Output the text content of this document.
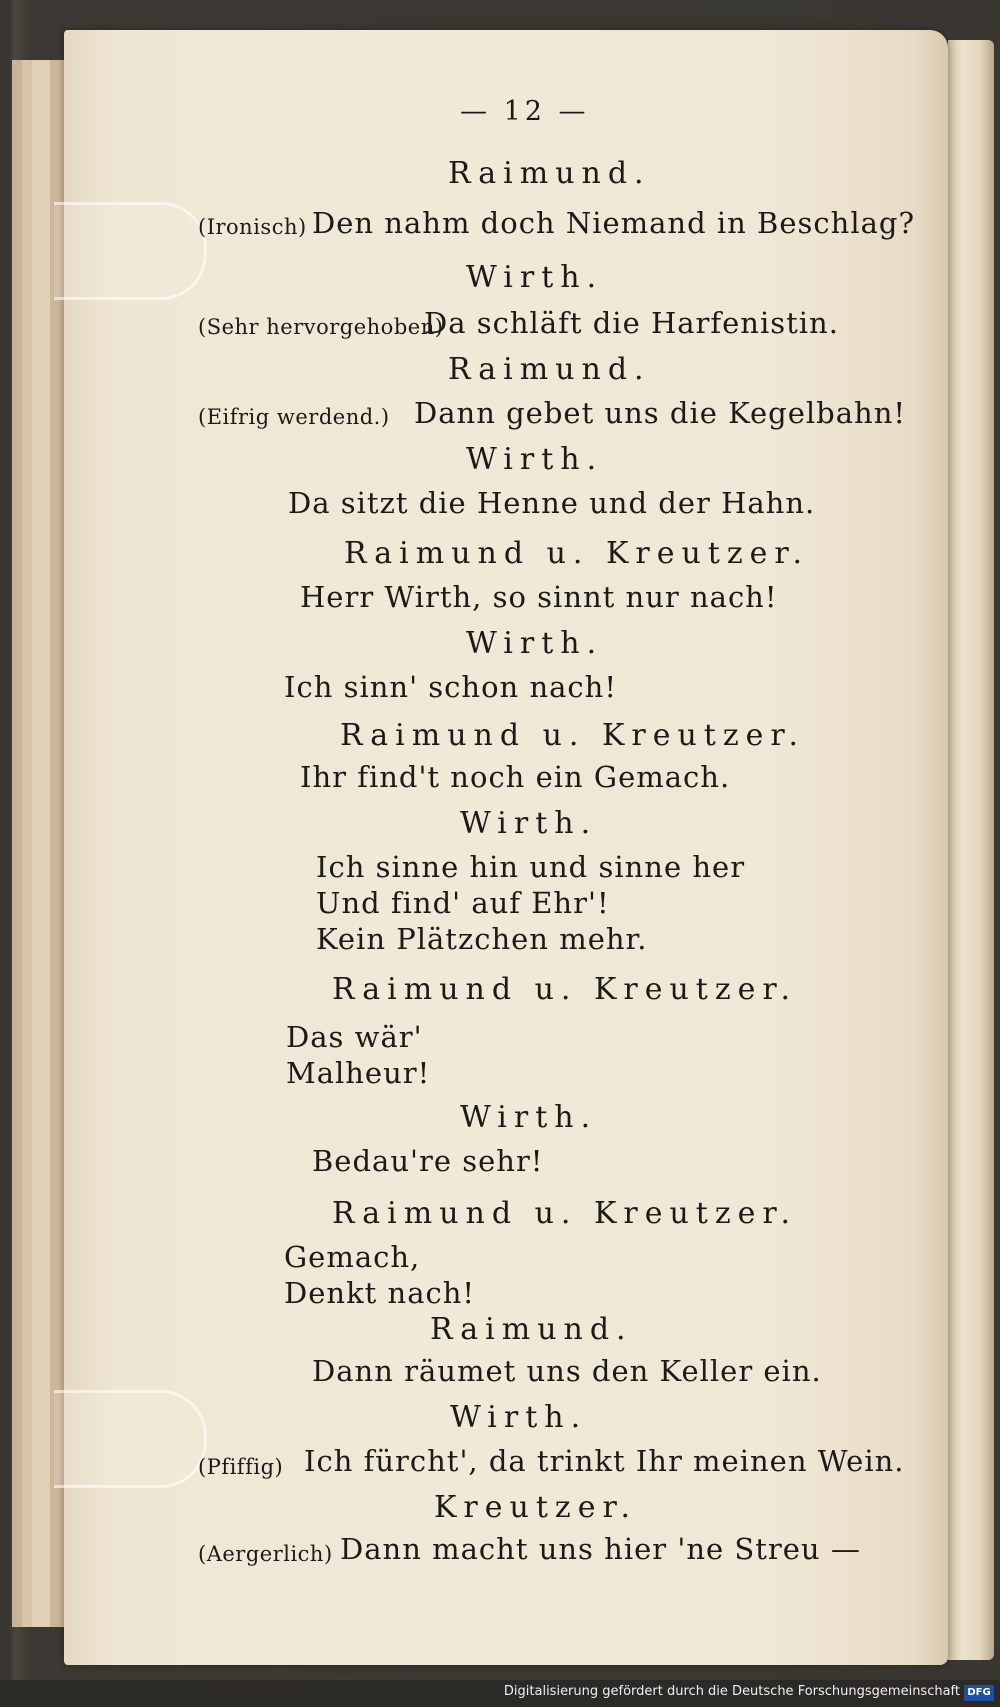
— 12 —
Raimund.
(Ironisch) Den nahm doch Niemand in Beschlag?
Wirth.
(Sehr hervorgehoben)
Da schläft die Harfenistin.
Raimund.
(Eifrig werdend.) Dann gebet uns die Kegelbahn!
Wirth.
Da sitzt die Henne und der Hahn.
Raimund u. Kreutzer.
Herr Wirth, so sinnt nur nach!
Wirth.
Ich sinn' schon nach!
Raimund u. Kreutzer.
Ihr find't noch ein Gemach.
Wirth.
Ich sinne hin und sinne her
Und find' auf Ehr'!
Kein Plätzchen mehr.
Raimund u. Kreutzer.
Das wär'
Malheur!
Wirth.
Bedau're sehr!
Raimund u. Kreutzer.
Gemach,
Denkt nach!
Raimund.
Dann räumet uns den Keller ein.
Wirth.
(Pfiffig) Ich fürcht', da trinkt Ihr meinen Wein.
Kreutzer.
(Aergerlich) Dann macht uns hier 'ne Streu —
Digitalisierung gefördert durch die Deutsche Forschungsgemeinschaft DFG
